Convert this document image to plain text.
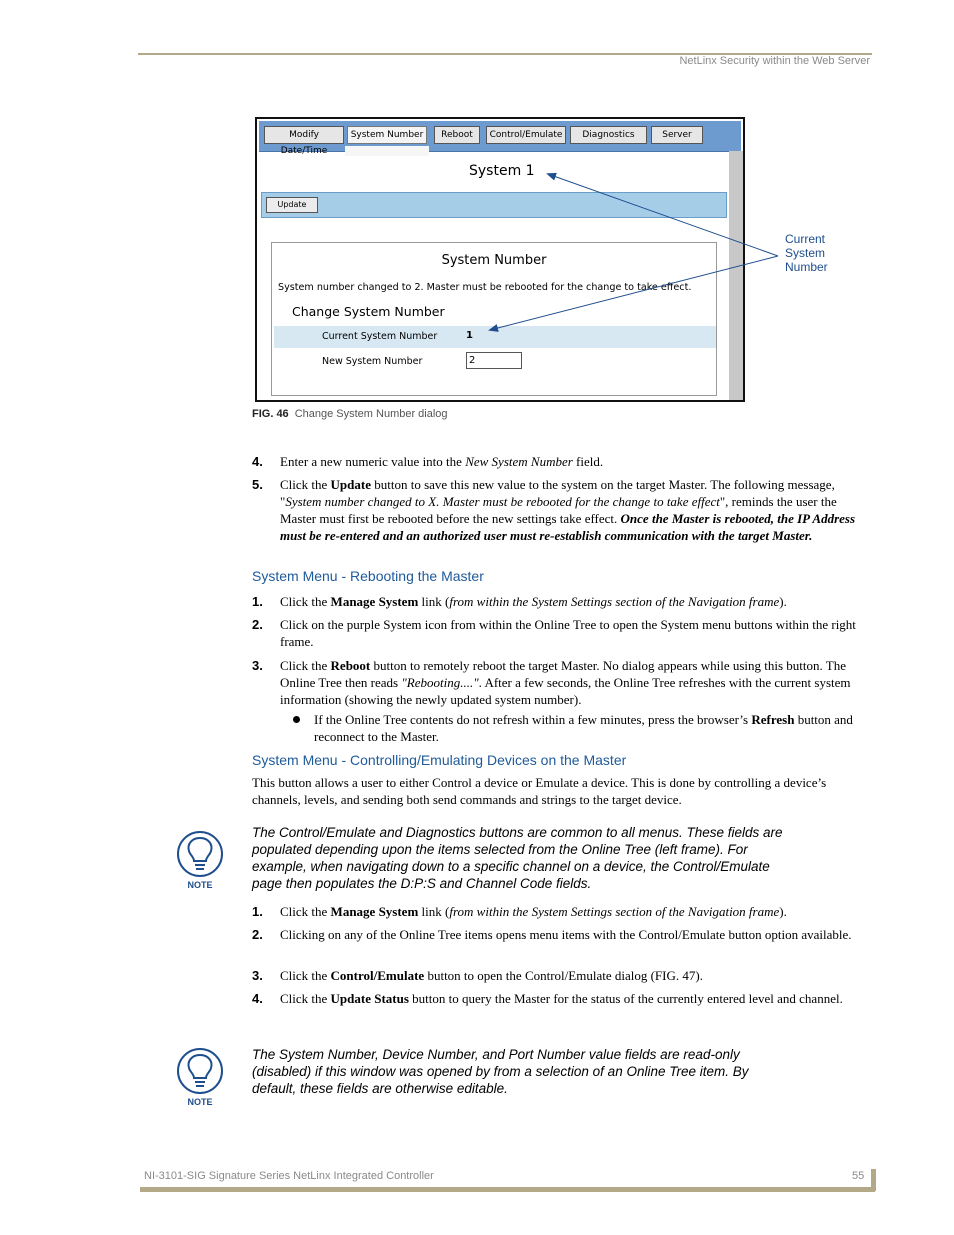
NetLinx Security within the Web Server
Modify Date/Time
System Number	Reboot	Control/Emulate	Diagnostics	Server
System 1
Update
System Number
System number changed to 2. Master must be rebooted for the change to take effect.
Change System Number
Current System Number	1
New System Number	2
Current
System
Number
FIG. 46 Change System Number dialog
4. Enter a new numeric value into the New System Number field.
5. Click the Update button to save this new value to the system on the target Master. The following message, "System number changed to X. Master must be rebooted for the change to take effect", reminds the user the Master must first be rebooted before the new settings take effect. Once the Master is rebooted, the IP Address must be re-entered and an authorized user must re-establish communication with the target Master.
System Menu - Rebooting the Master
1. Click the Manage System link (from within the System Settings section of the Navigation frame).
2. Click on the purple System icon from within the Online Tree to open the System menu buttons within the right frame.
3. Click the Reboot button to remotely reboot the target Master. No dialog appears while using this button. The Online Tree then reads "Rebooting....". After a few seconds, the Online Tree refreshes with the current system information (showing the newly updated system number).
If the Online Tree contents do not refresh within a few minutes, press the browser’s Refresh button and reconnect to the Master.
System Menu - Controlling/Emulating Devices on the Master
This button allows a user to either Control a device or Emulate a device. This is done by controlling a device’s channels, levels, and sending both send commands and strings to the target device.
NOTE
The Control/Emulate and Diagnostics buttons are common to all menus. These fields are populated depending upon the items selected from the Online Tree (left frame). For example, when navigating down to a specific channel on a device, the Control/Emulate page then populates the D:P:S and Channel Code fields.
1. Click the Manage System link (from within the System Settings section of the Navigation frame).
2. Clicking on any of the Online Tree items opens menu items with the Control/Emulate button option available.
3. Click the Control/Emulate button to open the Control/Emulate dialog (FIG. 47).
4. Click the Update Status button to query the Master for the status of the currently entered level and channel.
NOTE
The System Number, Device Number, and Port Number value fields are read-only (disabled) if this window was opened by from a selection of an Online Tree item. By default, these fields are otherwise editable.
NI-3101-SIG Signature Series NetLinx Integrated Controller	55
